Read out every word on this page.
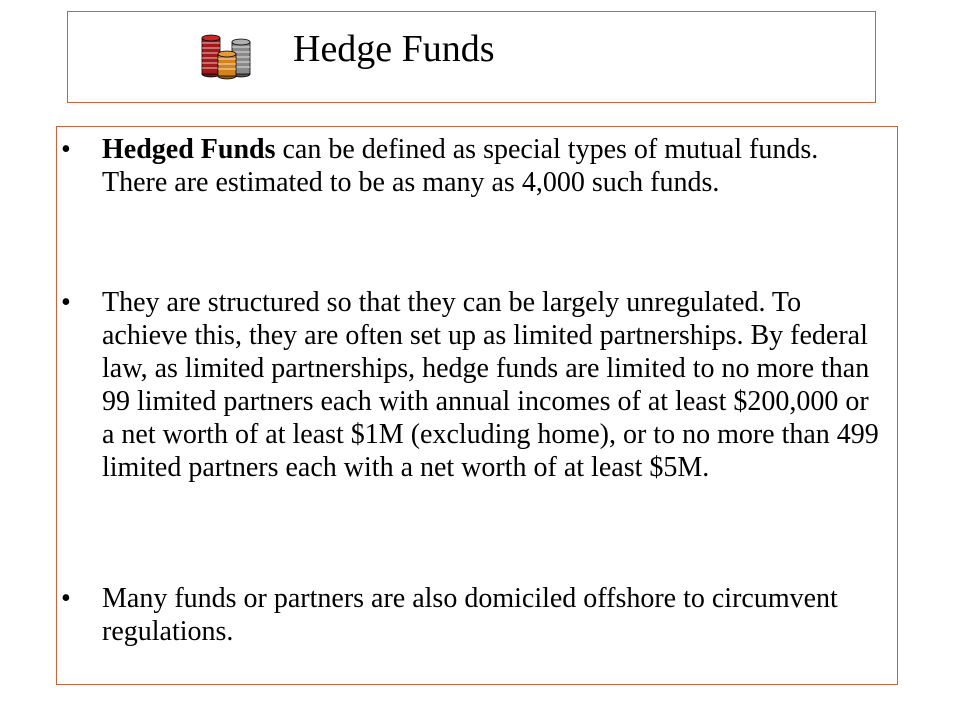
Hedge Funds
• Hedged Funds can be defined as special types of mutual funds. There are estimated to be as many as 4,000 such funds.

• They are structured so that they can be largely unregulated. To achieve this, they are often set up as limited partnerships. By federal law, as limited partnerships, hedge funds are limited to no more than 99 limited partners each with annual incomes of at least $200,000 or a net worth of at least $1M (excluding home), or to no more than 499 limited partners each with a net worth of at least $5M.

• Many funds or partners are also domiciled offshore to circumvent regulations.
